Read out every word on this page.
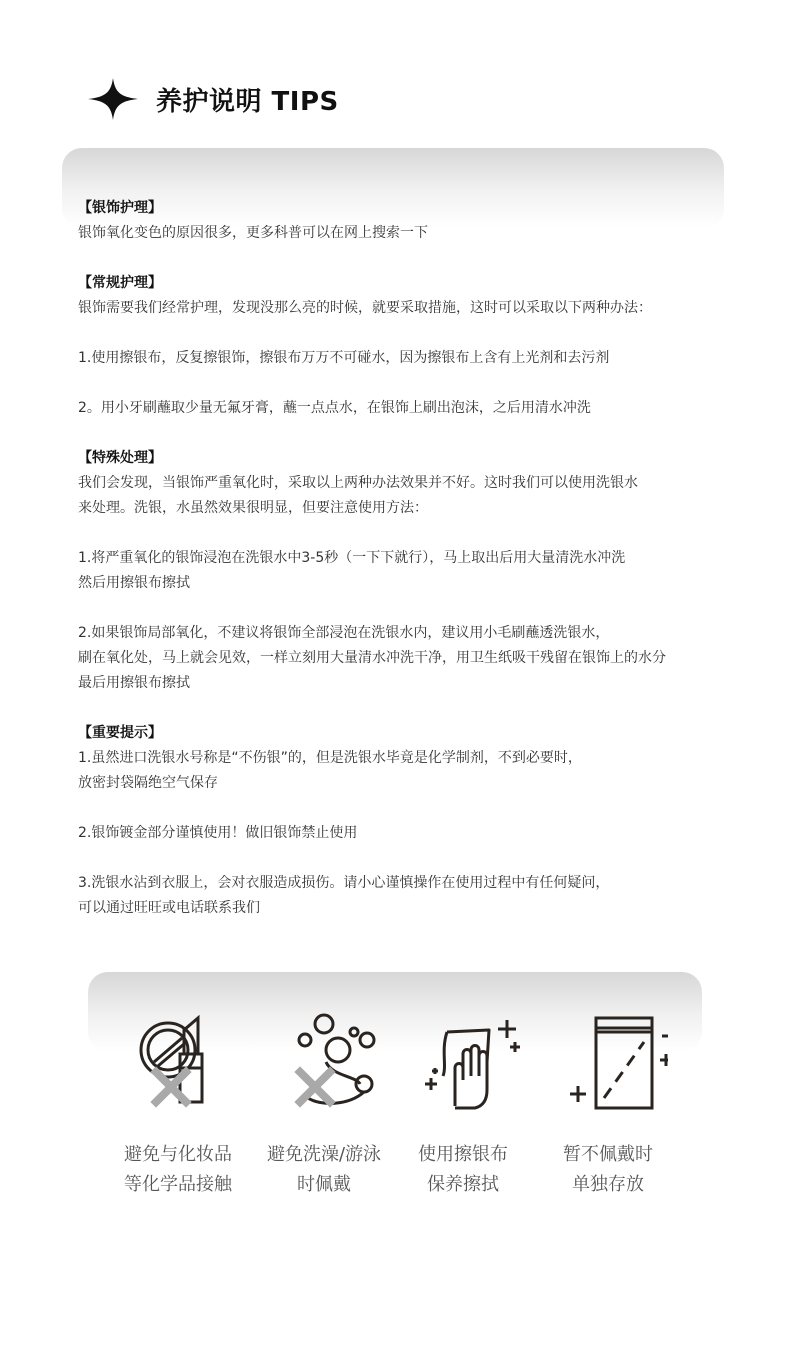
养护说明 TIPS
【银饰护理】

银饰氧化变色的原因很多，更多科普可以在网上搜索一下

【常规护理】

银饰需要我们经常护理，发现没那么亮的时候，就要采取措施，这时可以采取以下两种办法：

1.使用擦银布，反复擦银饰，擦银布万万不可碰水，因为擦银布上含有上光剂和去污剂

2。用小牙刷蘸取少量无氟牙膏，蘸一点点水，在银饰上刷出泡沫，之后用清水冲洗

【特殊处理】

我们会发现，当银饰严重氧化时，采取以上两种办法效果并不好。这时我们可以使用洗银水
来处理。洗银，水虽然效果很明显，但要注意使用方法：

1.将严重氧化的银饰浸泡在洗银水中3-5秒（一下下就行），马上取出后用大量清洗水冲洗
然后用擦银布擦拭

2.如果银饰局部氧化，不建议将银饰全部浸泡在洗银水内，建议用小毛刷蘸透洗银水，
刷在氧化处，马上就会见效，一样立刻用大量清水冲洗干净，用卫生纸吸干残留在银饰上的水分
最后用擦银布擦拭

【重要提示】

1.虽然进口洗银水号称是“不伤银”的，但是洗银水毕竟是化学制剂，不到必要时，
放密封袋隔绝空气保存

2.银饰镀金部分谨慎使用！做旧银饰禁止使用

3.洗银水沾到衣服上，会对衣服造成损伤。请小心谨慎操作在使用过程中有任何疑问，
可以通过旺旺或电话联系我们

避免与化妆品
等化学品接触
避免洗澡/游泳
时佩戴
使用擦银布
保养擦拭
暂不佩戴时
单独存放
